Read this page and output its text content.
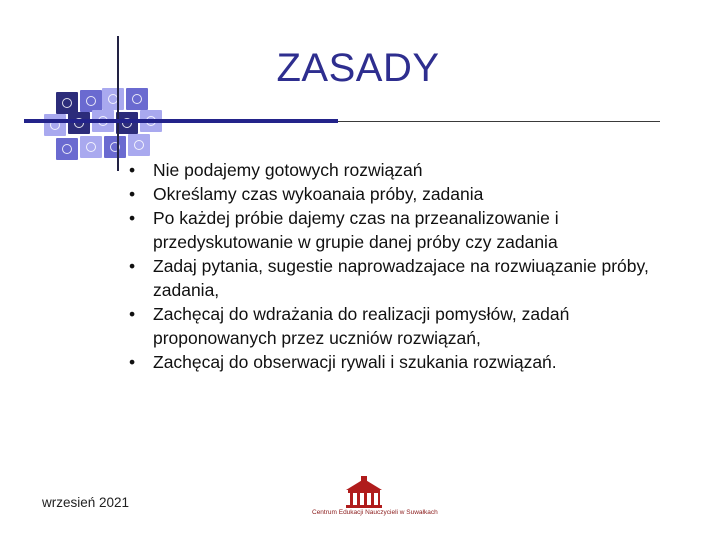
ZASADY
• Nie podajemy gotowych rozwiązań
• Określamy czas wykoanaia próby, zadania
• Po każdej próbie dajemy czas na przeanalizowanie i przedyskutowanie w grupie danej próby czy zadania
• Zadaj pytania, sugestie naprowadzajace na rozwiuązanie próby, zadania,
• Zachęcaj do wdrażania do realizacji pomysłów, zadań proponowanych przez uczniów rozwiązań,
• Zachęcaj do obserwacji rywali i szukania rozwiązań.
wrzesień 2021
Centrum Edukacji Nauczycieli w Suwałkach
